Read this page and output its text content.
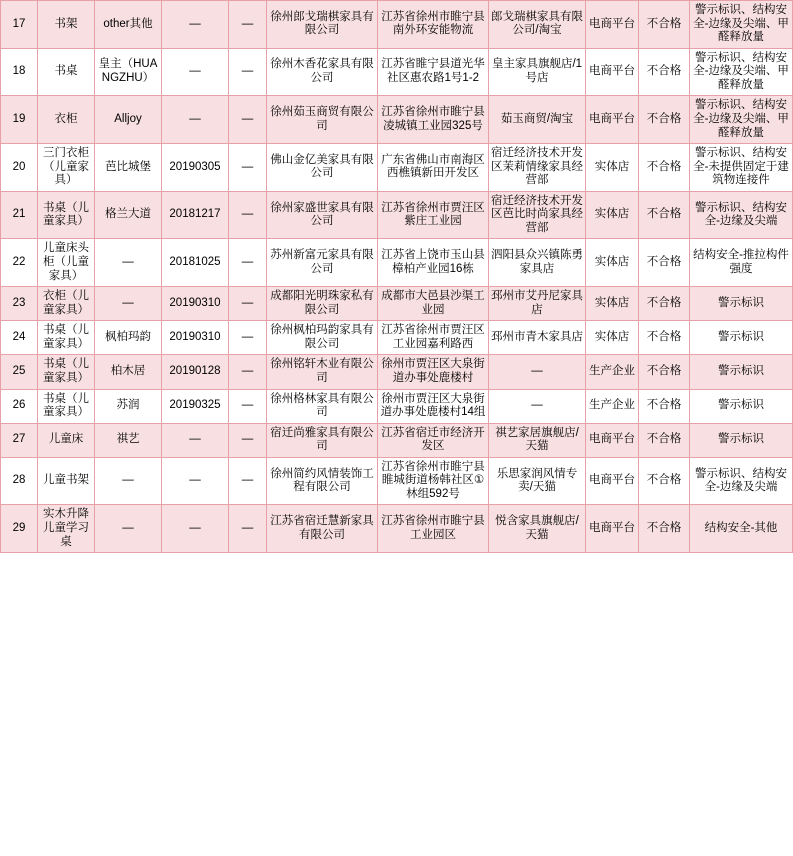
17	书架	other其他	—	—	徐州郎戈瑞棋家具有限公司	江苏省徐州市睢宁县南外环安能物流	郎戈瑞棋家具有限公司/淘宝	电商平台	不合格	警示标识、结构安全-边缘及尖端、甲醛释放量
18	书桌	皇主（HUANGZHU）	—	—	徐州木香花家具有限公司	江苏省睢宁县道光华社区惠农路1号1-2	皇主家具旗舰店/1号店	电商平台	不合格	警示标识、结构安全-边缘及尖端、甲醛释放量
19	衣柜	Alljoy	—	—	徐州茹玉商贸有限公司	江苏省徐州市睢宁县凌城镇工业园325号	茹玉商贸/淘宝	电商平台	不合格	警示标识、结构安全-边缘及尖端、甲醛释放量
20	三门衣柜（儿童家具）	芭比城堡	20190305	—	佛山金亿美家具有限公司	广东省佛山市南海区西樵镇新田开发区	宿迁经济技术开发区茉莉情缘家具经营部	实体店	不合格	警示标识、结构安全-未提供固定于建筑物连接件
21	书桌（儿童家具）	格兰大道	20181217	—	徐州家盛世家具有限公司	江苏省徐州市贾汪区紫庄工业园	宿迁经济技术开发区芭比时尚家具经营部	实体店	不合格	警示标识、结构安全-边缘及尖端
22	儿童床头柜（儿童家具）	—	20181025	—	苏州新富元家具有限公司	江苏省上饶市玉山县樟柏产业园16栋	泗阳县众兴镇陈勇家具店	实体店	不合格	结构安全-推拉构件强度
23	衣柜（儿童家具）	—	20190310	—	成都阳光明珠家私有限公司	成都市大邑县沙渠工业园	邳州市艾丹尼家具店	实体店	不合格	警示标识
24	书桌（儿童家具）	枫柏玛韵	20190310	—	徐州枫柏玛韵家具有限公司	江苏省徐州市贾汪区工业园嘉利路西	邳州市青木家具店	实体店	不合格	警示标识
25	书桌（儿童家具）	柏木居	20190128	—	徐州铭轩木业有限公司	徐州市贾汪区大泉街道办事处鹿楼村	—	生产企业	不合格	警示标识
26	书桌（儿童家具）	苏润	20190325	—	徐州格林家具有限公司	徐州市贾汪区大泉街道办事处鹿楼村14组	—	生产企业	不合格	警示标识
27	儿童床	祺艺	—	—	宿迁尚雅家具有限公司	江苏省宿迁市经济开发区	祺艺家居旗舰店/天猫	电商平台	不合格	警示标识
28	儿童书架	—	—	—	徐州简约风情装饰工程有限公司	江苏省徐州市睢宁县睢城街道杨韩社区①林组592号	乐思家润风情专卖/天猫	电商平台	不合格	警示标识、结构安全-边缘及尖端
29	实木升降儿童学习桌	—	—	—	江苏省宿迁慧新家具有限公司	江苏省徐州市睢宁县工业园区	悦含家具旗舰店/天猫	电商平台	不合格	结构安全-其他
